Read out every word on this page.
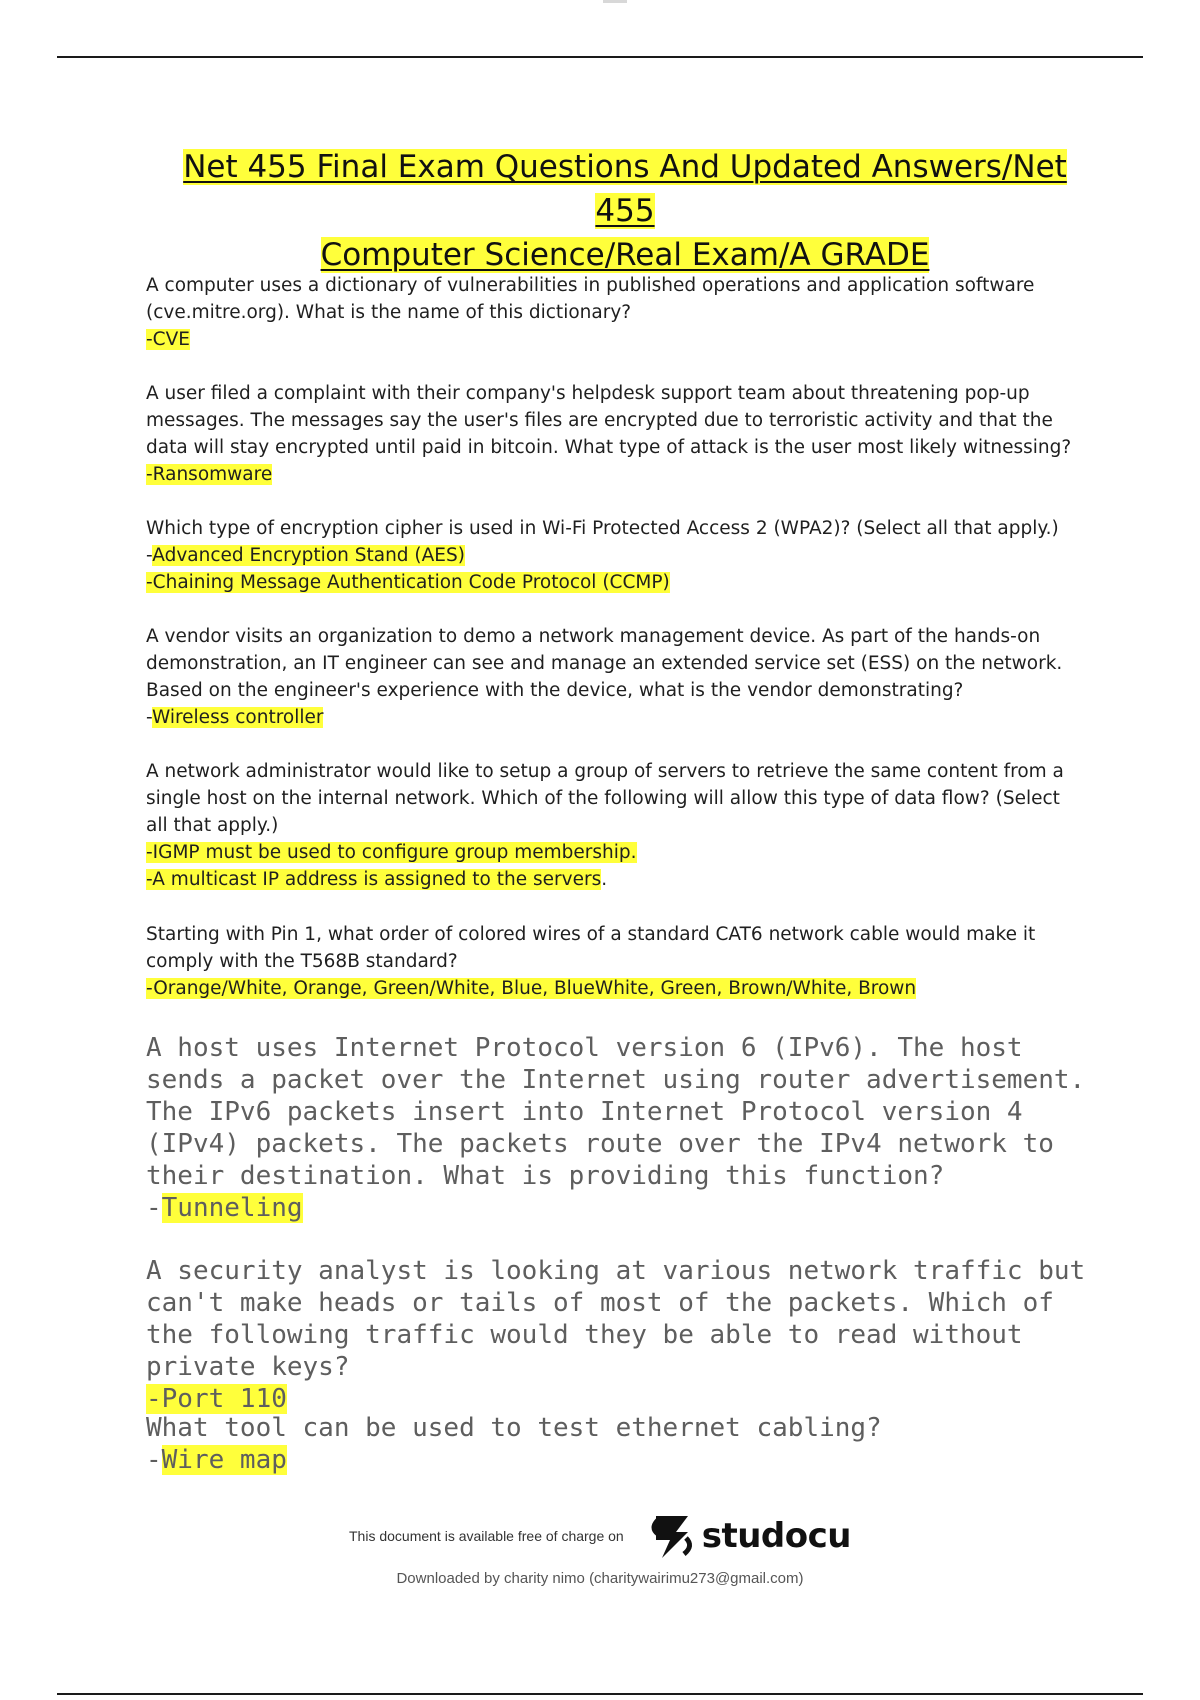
Net 455 Final Exam Questions And Updated Answers/Net 455
Computer Science/Real Exam/A GRADE

A computer uses a dictionary of vulnerabilities in published operations and application software (cve.mitre.org). What is the name of this dictionary?

-CVE

A user filed a complaint with their company's helpdesk support team about threatening pop-up messages. The messages say the user's files are encrypted due to terroristic activity and that the data will stay encrypted until paid in bitcoin. What type of attack is the user most likely witnessing?

-Ransomware

Which type of encryption cipher is used in Wi-Fi Protected Access 2 (WPA2)? (Select all that apply.)

-Advanced Encryption Stand (AES)

-Chaining Message Authentication Code Protocol (CCMP)

A vendor visits an organization to demo a network management device. As part of the hands-on demonstration, an IT engineer can see and manage an extended service set (ESS) on the network. Based on the engineer's experience with the device, what is the vendor demonstrating?

-Wireless controller

A network administrator would like to setup a group of servers to retrieve the same content from a single host on the internal network. Which of the following will allow this type of data flow? (Select all that apply.)

-IGMP must be used to configure group membership.

-A multicast IP address is assigned to the servers.

Starting with Pin 1, what order of colored wires of a standard CAT6 network cable would make it comply with the T568B standard?

-Orange/White, Orange, Green/White, Blue, BlueWhite, Green, Brown/White, Brown

A host uses Internet Protocol version 6 (IPv6). The host sends a packet over the Internet using router advertisement. The IPv6 packets insert into Internet Protocol version 4 (IPv4) packets. The packets route over the IPv4 network to their destination. What is providing this function?

-Tunneling

A security analyst is looking at various network traffic but can't make heads or tails of most of the packets. Which of the following traffic would they be able to read without private keys?

-Port 110

What tool can be used to test ethernet cabling?

-Wire map

This document is available free of charge on studocu
Downloaded by charity nimo (charitywairimu273@gmail.com)
